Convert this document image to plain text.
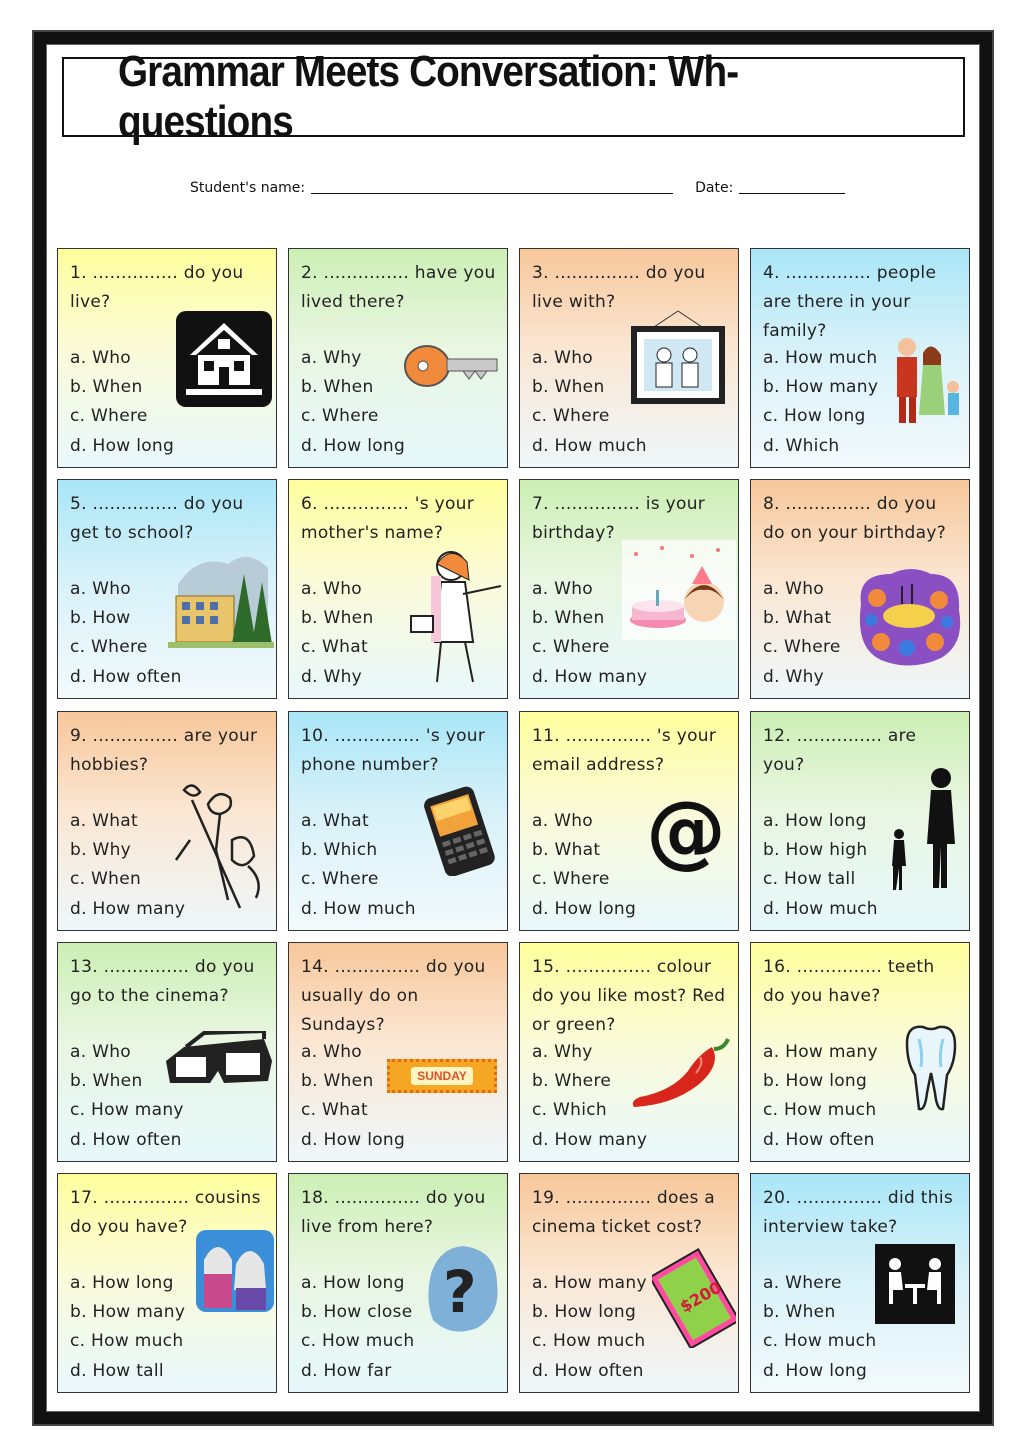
Grammar Meets Conversation: Wh-questions
Student's name:	Date:
1. ............... do you live?
a. Who
b. When
c. Where
d. How long
2. ............... have you lived there?
a. Why
b. When
c. Where
d. How long
3. ............... do you live with?
a. Who
b. When
c. Where
d. How much
4. ............... people are there in your family?
a. How much
b. How many
c. How long
d. Which
5. ............... do you get to school?
a. Who
b. How
c. Where
d. How often
6. ............... 's your mother's name?
a. Who
b. When
c. What
d. Why
7. ............... is your birthday?
a. Who
b. When
c. Where
d. How many
8. ............... do you do on your birthday?
a. Who
b. What
c. Where
d. Why
9. ............... are your hobbies?
a. What
b. Why
c. When
d. How many
10. ............... 's your phone number?
a. What
b. Which
c. Where
d. How much
11. ............... 's your email address?
a. Who
b. What
c. Where
d. How long
@
12. ............... are you?
a. How long
b. How high
c. How tall
d. How much
13. ............... do you go to the cinema?
a. Who
b. When
c. How many
d. How often
14. ............... do you usually do on Sundays?
a. Who
b. When
c. What
d. How long
SUNDAY
15. ............... colour do you like most? Red or green?
a. Why
b. Where
c. Which
d. How many
16. ............... teeth do you have?
a. How many
b. How long
c. How much
d. How often
17. ............... cousins do you have?
a. How long
b. How many
c. How much
d. How tall
18. ............... do you live from here?
a. How long
b. How close
c. How much
d. How far
?
19. ............... does a cinema ticket cost?
a. How many
b. How long
c. How much
d. How often
$200
20. ............... did this interview take?
a. Where
b. When
c. How much
d. How long
